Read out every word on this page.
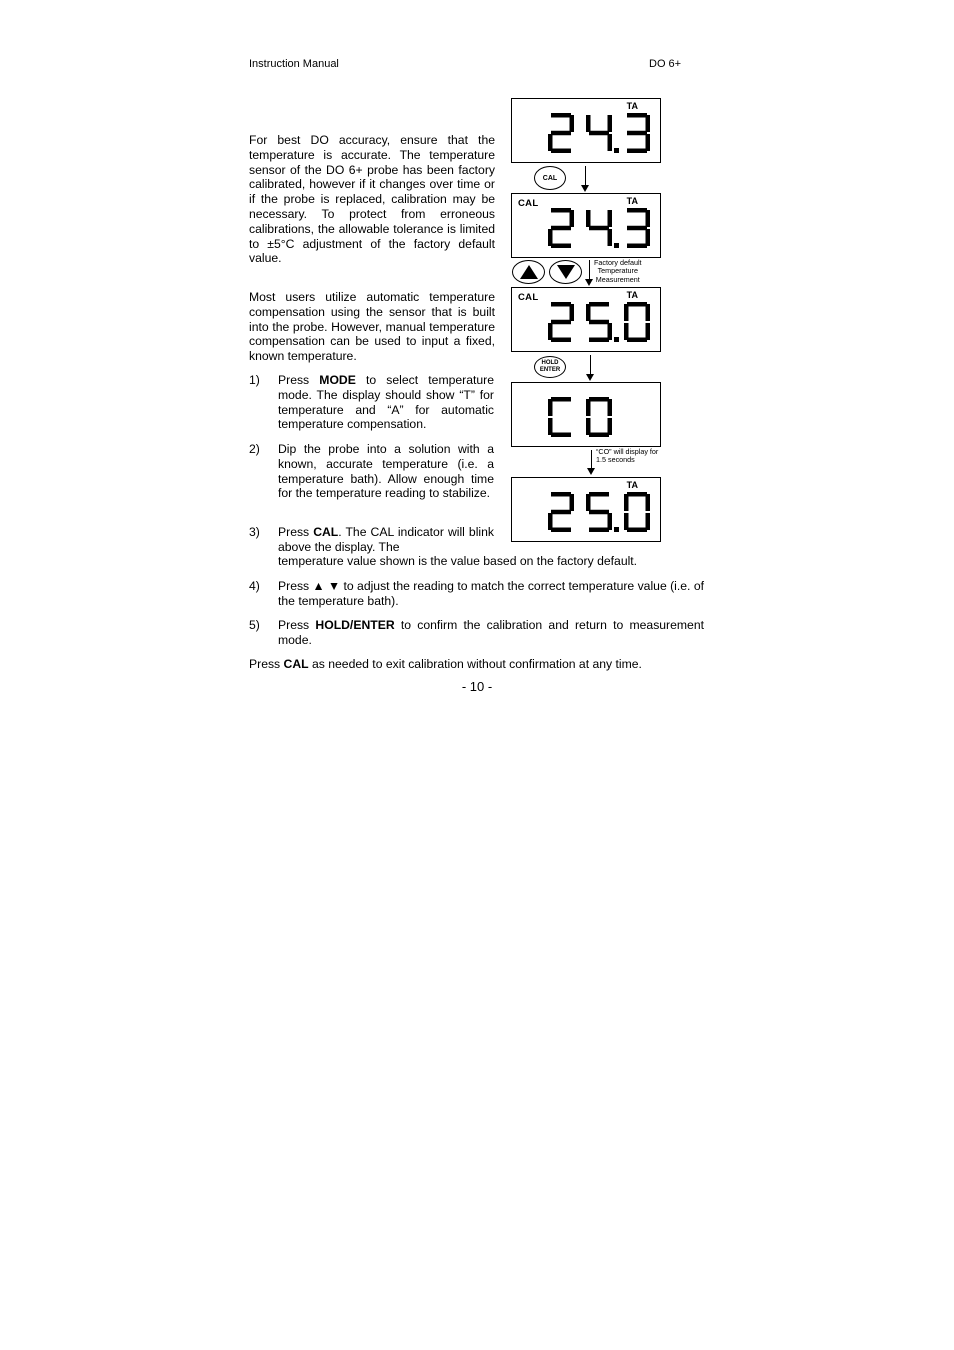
Instruction Manual	DO 6+

For best DO accuracy, ensure that the temperature is accurate. The temperature sensor of the DO 6+ probe has been factory calibrated, however if it changes over time or if the probe is replaced, calibration may be necessary. To protect from erroneous calibrations, the allowable tolerance is limited to ±5°C adjustment of the factory default value.

Most users utilize automatic temperature compensation using the sensor that is built into the probe. However, manual temperature compensation can be used to input a fixed, known temperature.

1) Press MODE to select temperature mode. The display should show “T” for temperature and “A” for automatic temperature compensation.

2) Dip the probe into a solution with a known, accurate temperature (i.e. a temperature bath). Allow enough time for the temperature reading to stabilize.

3) Press CAL. The CAL indicator will blink above the display. The

temperature value shown is the value based on the factory default.

4) Press ▲ ▼ to adjust the reading to match the correct temperature value (i.e. of the temperature bath).

5) Press HOLD/ENTER to confirm the calibration and return to measurement mode.

Press CAL as needed to exit calibration without confirmation at any time.

- 10 -
TA
CAL
TA
CAL
Factory default
Temperature
Measurement
TA
CAL
HOLD
ENTER
“CO” will display for
1.5 seconds
TA
